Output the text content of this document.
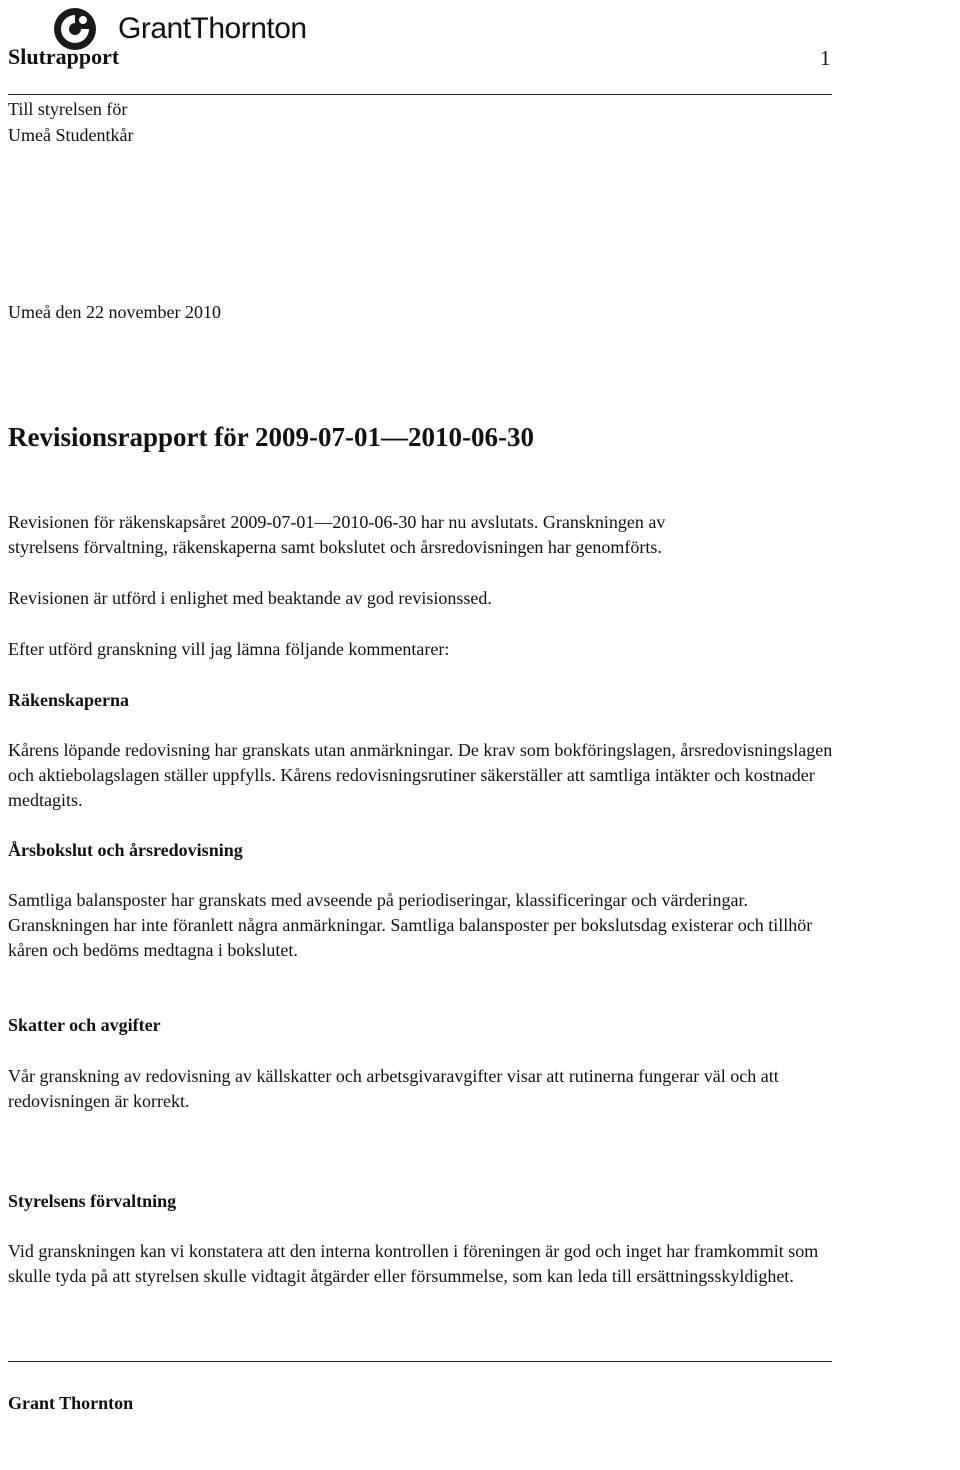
GrantThornton
Slutrapport	1
Till styrelsen för
Umeå Studentkår
Umeå den 22 november 2010
Revisionsrapport för 2009-07-01—2010-06-30
Revisionen för räkenskapsåret 2009-07-01—2010-06-30 har nu avslutats. Granskningen av
styrelsens förvaltning, räkenskaperna samt bokslutet och årsredovisningen har genomförts.
Revisionen är utförd i enlighet med beaktande av god revisionssed.
Efter utförd granskning vill jag lämna följande kommentarer:
Räkenskaperna
Kårens löpande redovisning har granskats utan anmärkningar. De krav som bokföringslagen, årsredovisningslagen och aktiebolagslagen ställer uppfylls. Kårens redovisningsrutiner säkerställer att samtliga intäkter och kostnader medtagits.
Årsbokslut och årsredovisning
Samtliga balansposter har granskats med avseende på periodiseringar, klassificeringar och värderingar. Granskningen har inte föranlett några anmärkningar. Samtliga balansposter per bokslutsdag existerar och tillhör kåren och bedöms medtagna i bokslutet.
Skatter och avgifter
Vår granskning av redovisning av källskatter och arbetsgivaravgifter visar att rutinerna fungerar väl och att redovisningen är korrekt.
Styrelsens förvaltning
Vid granskningen kan vi konstatera att den interna kontrollen i föreningen är god och inget har framkommit som skulle tyda på att styrelsen skulle vidtagit åtgärder eller försummelse, som kan leda till ersättningsskyldighet.
Grant Thornton
